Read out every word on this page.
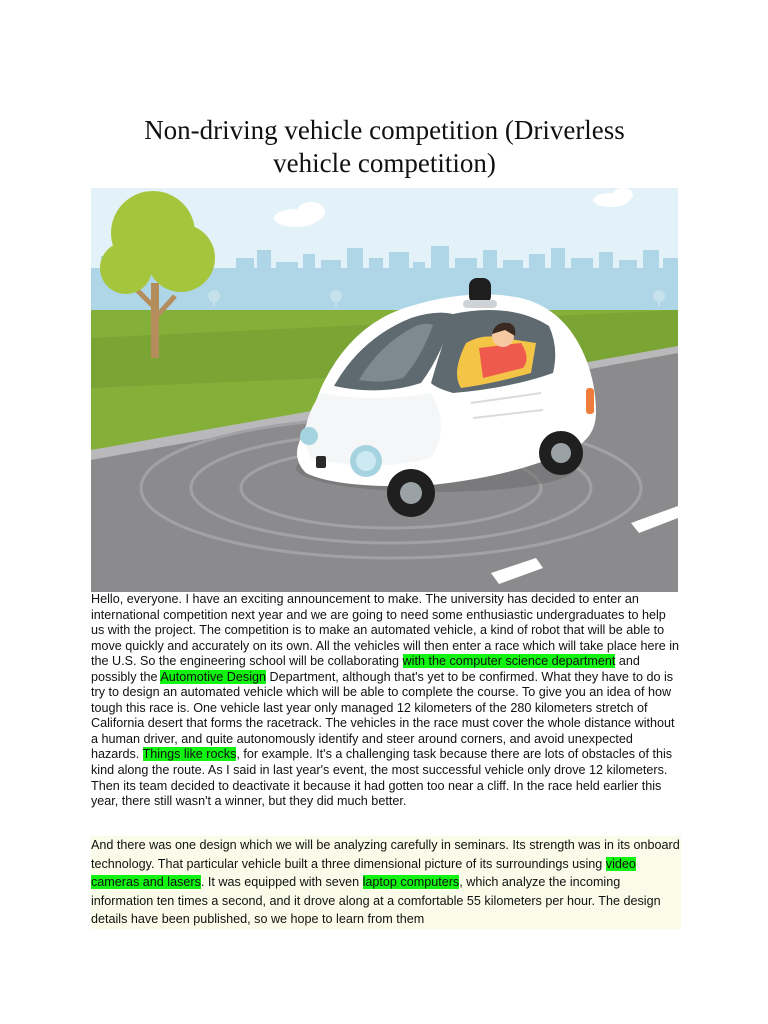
Non-driving vehicle competition (Driverless
vehicle competition)

Hello, everyone. I have an exciting announcement to make. The university has decided to enter an international competition next year and we are going to need some enthusiastic undergraduates to help us with the project. The competition is to make an automated vehicle, a kind of robot that will be able to move quickly and accurately on its own. All the vehicles will then enter a race which will take place here in the U.S. So the engineering school will be collaborating with the computer science department and possibly the Automotive Design Department, although that's yet to be confirmed. What they have to do is try to design an automated vehicle which will be able to complete the course. To give you an idea of how tough this race is. One vehicle last year only managed 12 kilometers of the 280 kilometers stretch of California desert that forms the racetrack. The vehicles in the race must cover the whole distance without a human driver, and quite autonomously identify and steer around corners, and avoid unexpected hazards. Things like rocks, for example. It's a challenging task because there are lots of obstacles of this kind along the route. As I said in last year's event, the most successful vehicle only drove 12 kilometers. Then its team decided to deactivate it because it had gotten too near a cliff. In the race held earlier this year, there still wasn't a winner, but they did much better.

And there was one design which we will be analyzing carefully in seminars. Its strength was in its onboard technology. That particular vehicle built a three dimensional picture of its surroundings using video cameras and lasers. It was equipped with seven laptop computers, which analyze the incoming information ten times a second, and it drove along at a comfortable 55 kilometers per hour. The design details have been published, so we hope to learn from them
